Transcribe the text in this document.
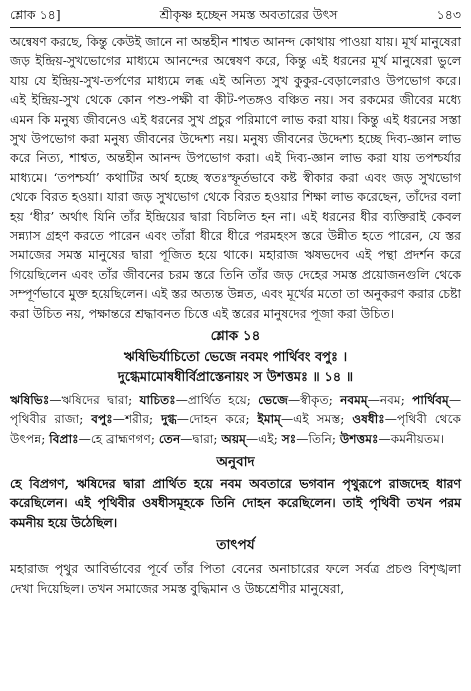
শ্লোক ১৪]	শ্রীকৃষ্ণ হচ্ছেন সমস্ত অবতারের উৎস	১৪৩
অন্বেষণ করছে, কিন্তু কেউই জানে না অন্তহীন শাশ্বত আনন্দ কোথায় পাওয়া যায়। মূর্খ মানুষেরা জড় ইন্দ্রিয়-সুখভোগের মাধ্যমে আনন্দের অন্বেষণ করে, কিন্তু এই ধরনের মূর্খ মানুষেরা ভুলে যায় যে ইন্দ্রিয়-সুখ-তর্পণের মাধ্যমে লব্ধ এই অনিত্য সুখ কুকুর-বেড়ালেরাও উপভোগ করে। এই ইন্দ্রিয়-সুখ থেকে কোন পশু-পক্ষী বা কীট-পতঙ্গও বঞ্চিত নয়। সব রকমের জীবের মধ্যে এমন কি মনুষ্য জীবনেও এই ধরনের সুখ প্রচুর পরিমাণে লাভ করা যায়। কিন্তু এই ধরনের সস্তা সুখ উপভোগ করা মনুষ্য জীবনের উদ্দেশ্য নয়। মনুষ্য জীবনের উদ্দেশ্য হচ্ছে দিব্য-জ্ঞান লাভ করে নিত্য, শাশ্বত, অন্তহীন আনন্দ উপভোগ করা। এই দিব্য-জ্ঞান লাভ করা যায় তপশ্চর্যার মাধ্যমে। ‘তপশ্চর্যা’ কথাটির অর্থ হচ্ছে স্বতঃস্ফূর্তভাবে কষ্ট স্বীকার করা এবং জড় সুখভোগ থেকে বিরত হওয়া। যারা জড় সুখভোগ থেকে বিরত হওয়ার শিক্ষা লাভ করেছেন, তাঁদের বলা হয় ‘ধীর’ অর্থাৎ যিনি তাঁর ইন্দ্রিয়ের দ্বারা বিচলিত হন না। এই ধরনের ধীর ব্যক্তিরাই কেবল সন্ন্যাস গ্রহণ করতে পারেন এবং তাঁরা ধীরে ধীরে পরমহংস স্তরে উন্নীত হতে পারেন, যে স্তর সমাজের সমস্ত মানুষের দ্বারা পূজিত হয়ে থাকে। মহারাজ ঋষভদেব এই পন্থা প্রদর্শন করে গিয়েছিলেন এবং তাঁর জীবনের চরম স্তরে তিনি তাঁর জড় দেহের সমস্ত প্রয়োজনগুলি থেকে সম্পূর্ণভাবে মুক্ত হয়েছিলেন। এই স্তর অত্যন্ত উন্নত, এবং মূর্খের মতো তা অনুকরণ করার চেষ্টা করা উচিত নয়, পক্ষান্তরে শ্রদ্ধাবনত চিত্তে এই স্তরের মানুষদের পূজা করা উচিত।
শ্লোক ১৪
ঋষিভির্যাচিতো ভেজে নবমং পার্থিবং বপুঃ ।
দুগ্ধেমামোষধীর্বিপ্রাস্তেনায়ং স উশত্তমঃ ॥ ১৪ ॥
ঋষিভিঃ—ঋষিদের দ্বারা; যাচিতঃ—প্রার্থিত হয়ে; ভেজে—স্বীকৃত; নবমম্—নবম; পার্থিবম্—পৃথিবীর রাজা; বপুঃ—শরীর; দুগ্ধ—দোহন করে; ইমাম্—এই সমস্ত; ওষধীঃ—পৃথিবী থেকে উৎপন্ন; বিপ্রাঃ—হে ব্রাহ্মণগণ; তেন—দ্বারা; অয়ম্—এই; সঃ—তিনি; উশত্তমঃ—কমনীয়তম।
অনুবাদ
হে বিপ্রগণ, ঋষিদের দ্বারা প্রার্থিত হয়ে নবম অবতারে ভগবান পৃথুরূপে রাজদেহ ধারণ করেছিলেন। এই পৃথিবীর ওষধীসমূহকে তিনি দোহন করেছিলেন। তাই পৃথিবী তখন পরম কমনীয় হয়ে উঠেছিল।
তাৎপর্য
মহারাজ পৃথুর আবির্ভাবের পূর্বে তাঁর পিতা বেনের অনাচারের ফলে সর্বত্র প্রচণ্ড বিশৃঙ্খলা দেখা দিয়েছিল। তখন সমাজের সমস্ত বুদ্ধিমান ও উচ্চশ্রেণীর মানুষেরা,
